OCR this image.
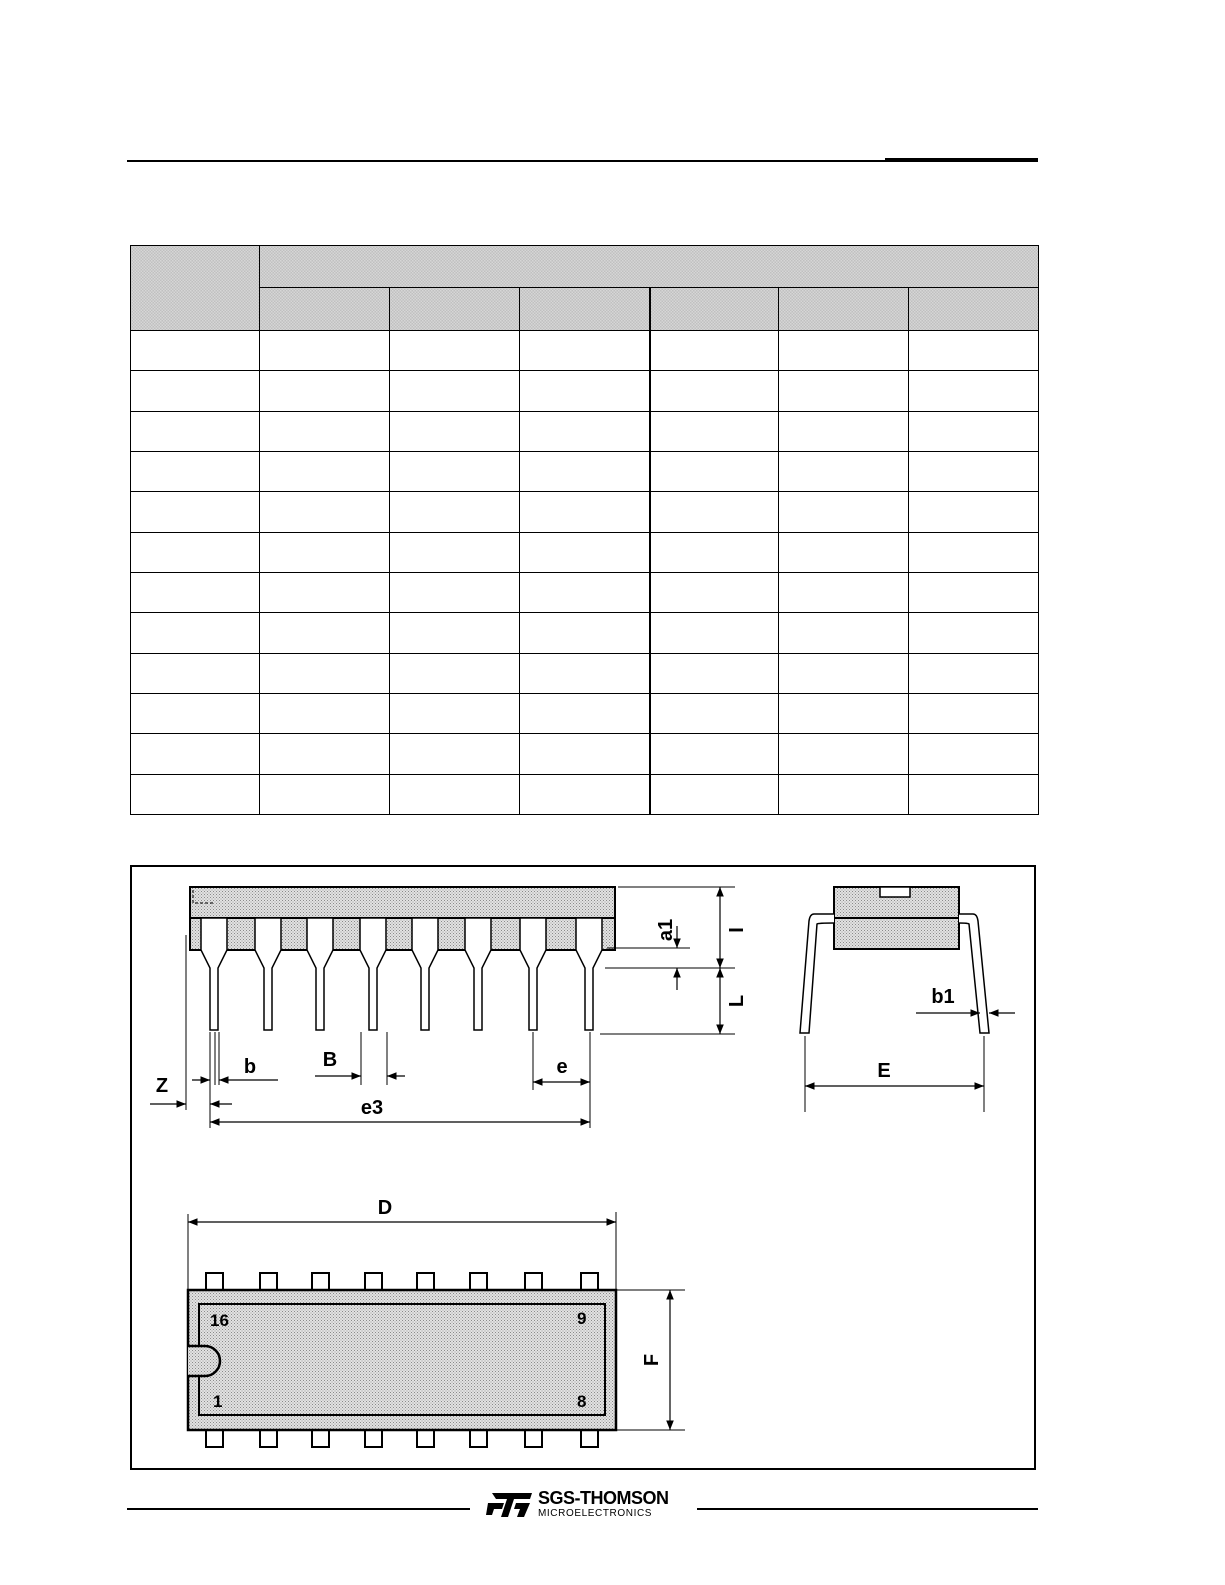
a1 I
L
Z
b	B	e
e3
E
b1
D
16	9
1	8
F
SGS-THOMSON
MICROELECTRONICS
